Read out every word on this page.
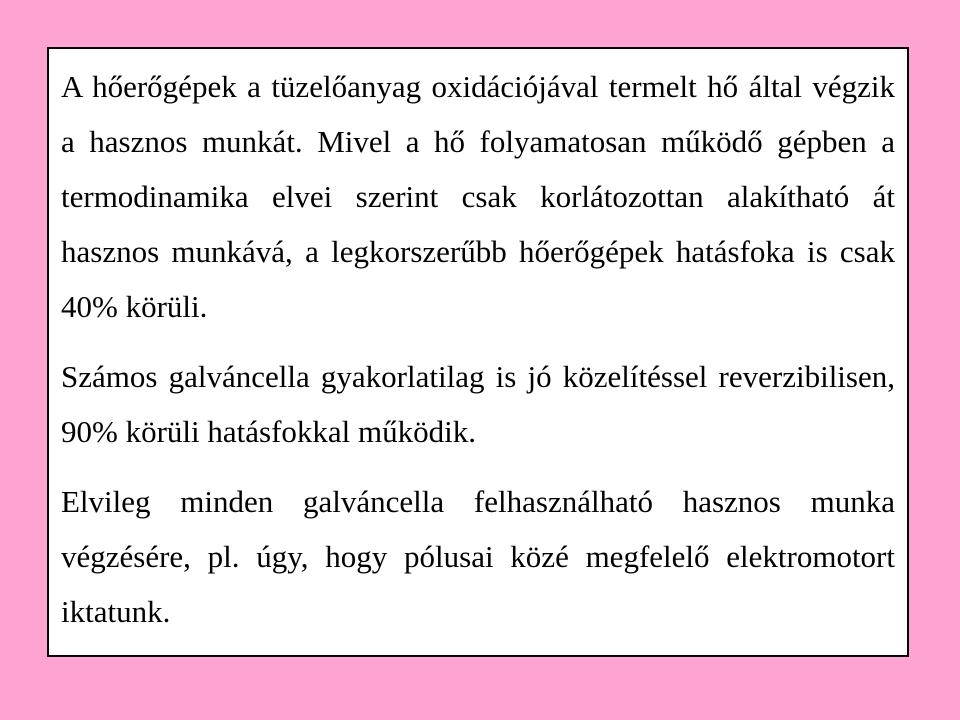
A hőerőgépek a tüzelőanyag oxidációjával termelt hő által végzik a hasznos munkát. Mivel a hő folyamatosan működő gépben a termodinamika elvei szerint csak korlátozottan alakítható át hasznos munkává, a legkorszerűbb hőerőgépek hatásfoka is csak 40% körüli.

Számos galváncella gyakorlatilag is jó közelítéssel reverzibilisen, 90% körüli hatásfokkal működik.

Elvileg minden galváncella felhasználható hasznos munka végzésére, pl. úgy, hogy pólusai közé megfelelő elektromotort iktatunk.
